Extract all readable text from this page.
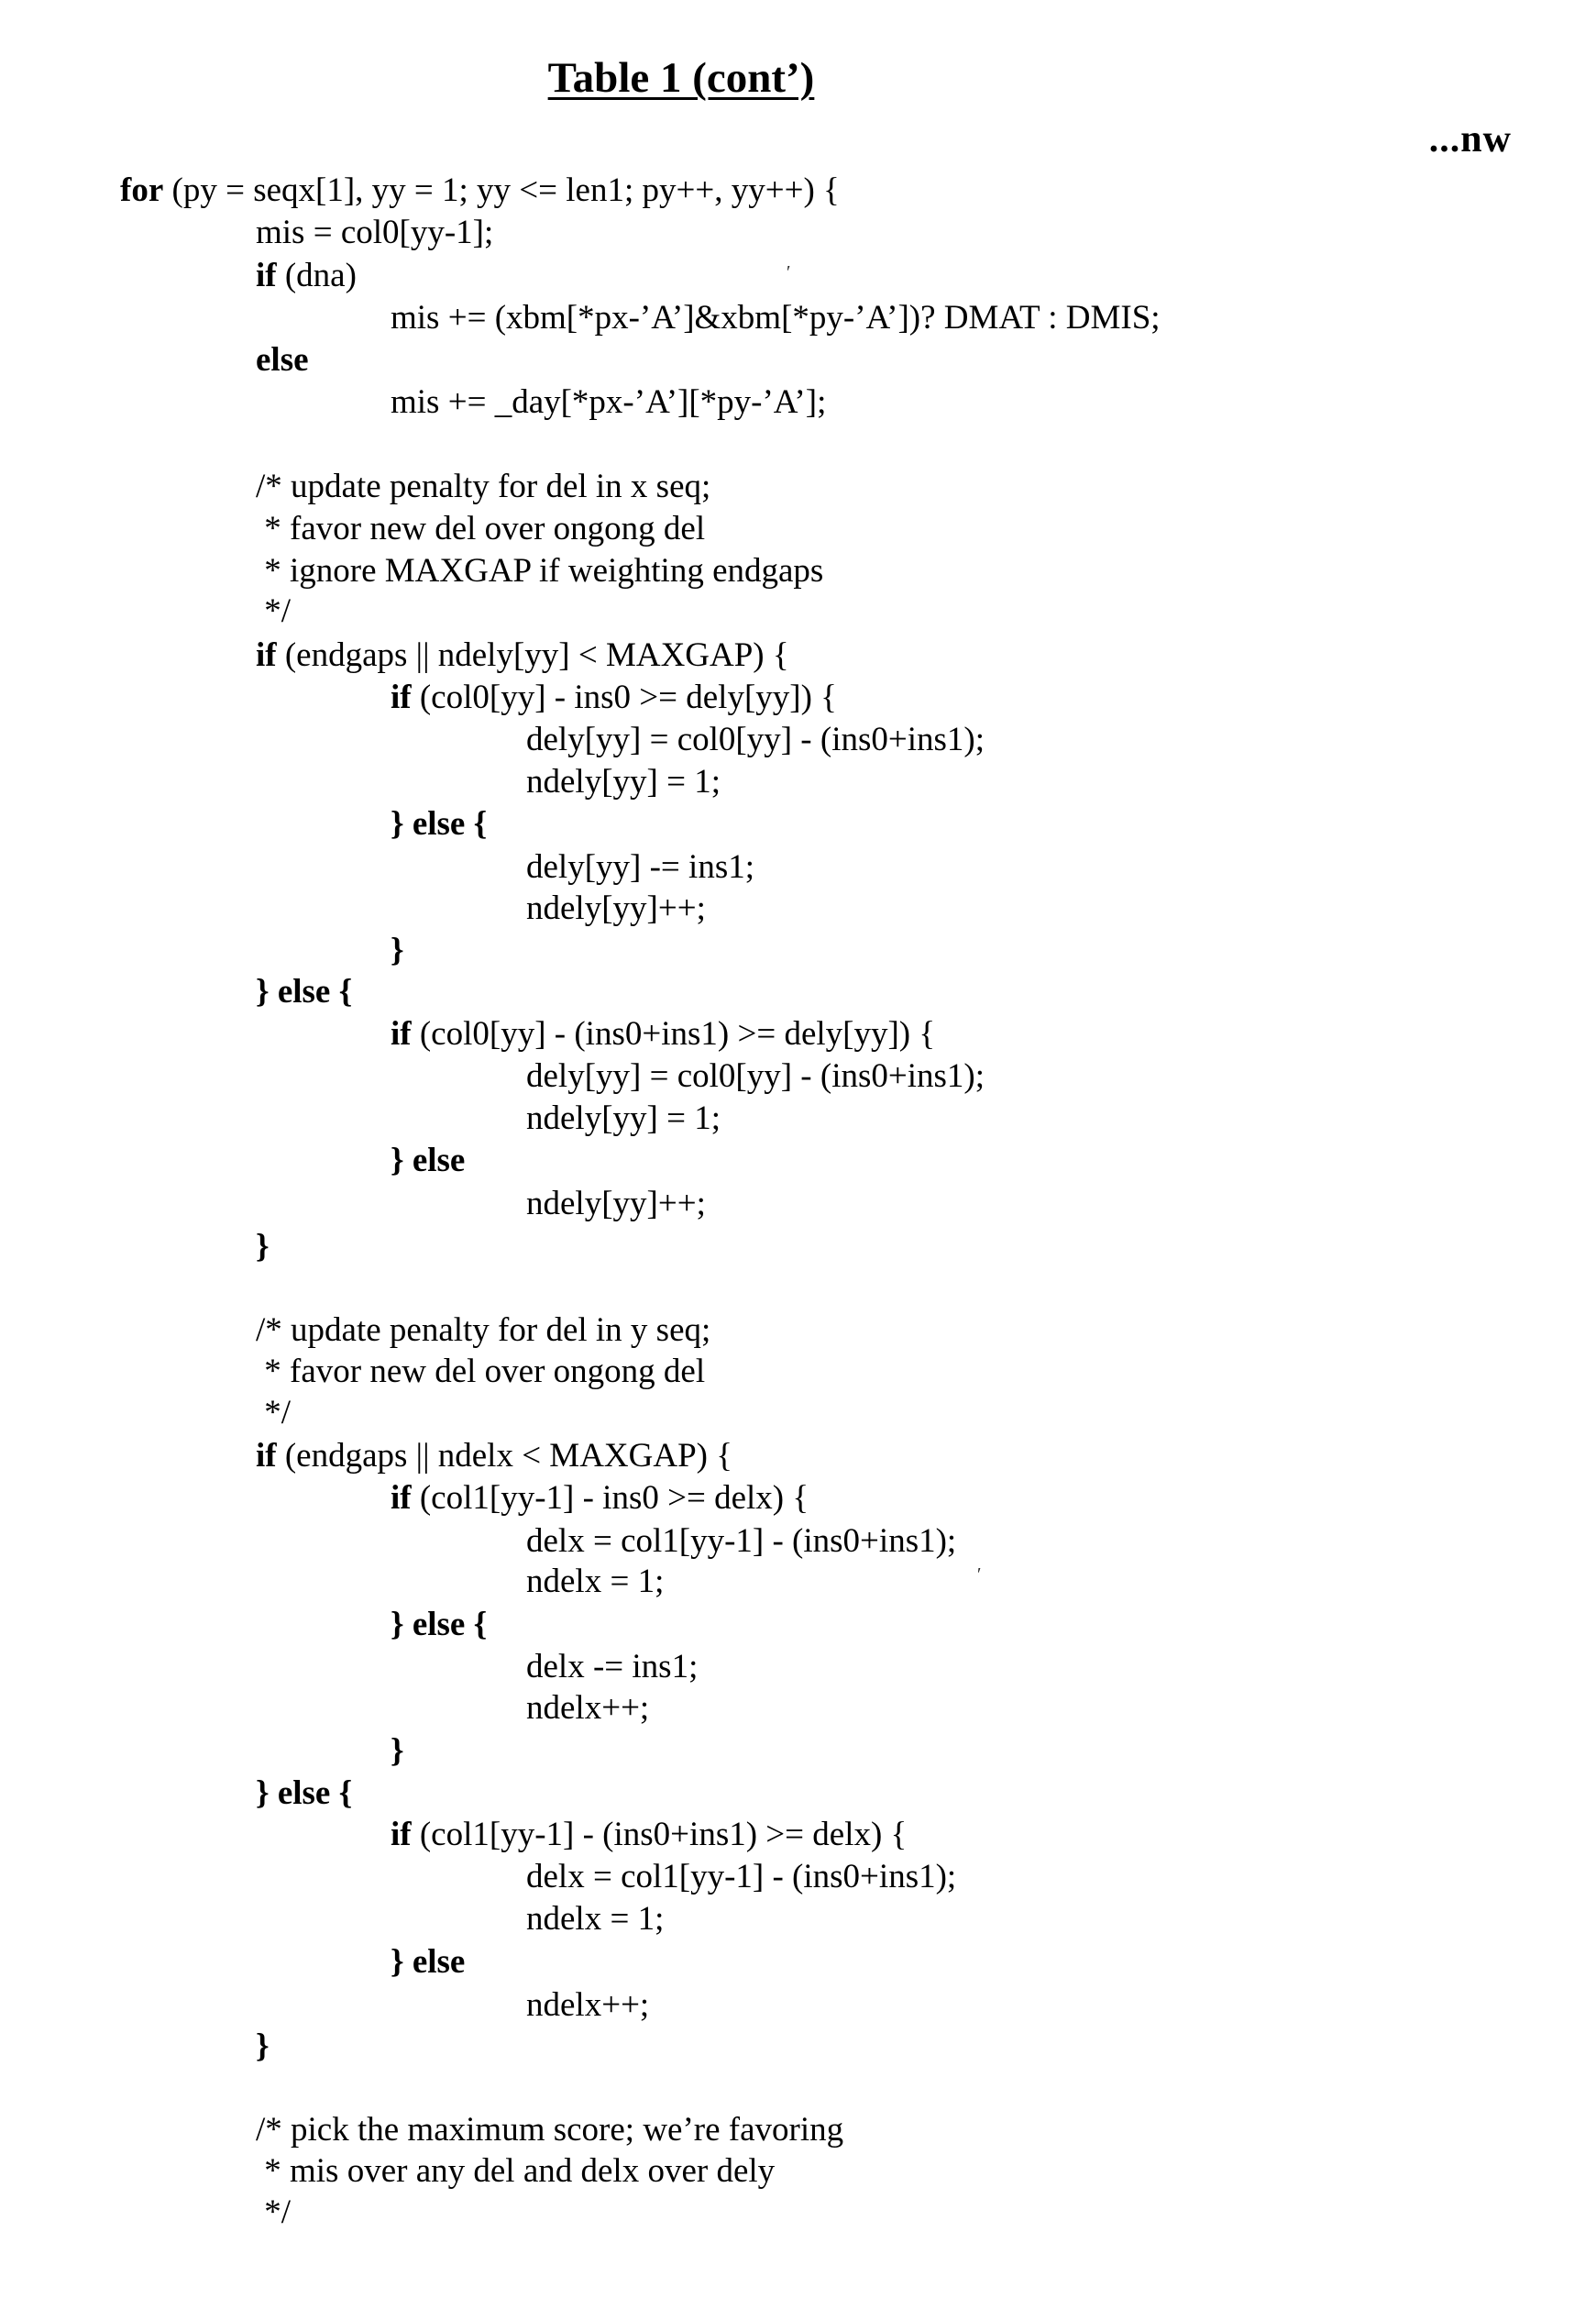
Table 1 (cont’)
...nw
for (py = seqx[1], yy = 1; yy <= len1; py++, yy++) {
mis = col0[yy-1];
if (dna)
mis += (xbm[*px-’A’]&xbm[*py-’A’])? DMAT : DMIS;
else
mis += _day[*px-’A’][*py-’A’];
/* update penalty for del in x seq;
* favor new del over ongong del
* ignore MAXGAP if weighting endgaps
*/
if (endgaps || ndely[yy] < MAXGAP) {
if (col0[yy] - ins0 >= dely[yy]) {
dely[yy] = col0[yy] - (ins0+ins1);
ndely[yy] = 1;
} else {
dely[yy] -= ins1;
ndely[yy]++;
}
} else {
if (col0[yy] - (ins0+ins1) >= dely[yy]) {
dely[yy] = col0[yy] - (ins0+ins1);
ndely[yy] = 1;
} else
ndely[yy]++;
}
/* update penalty for del in y seq;
* favor new del over ongong del
*/
if (endgaps || ndelx < MAXGAP) {
if (col1[yy-1] - ins0 >= delx) {
delx = col1[yy-1] - (ins0+ins1);
ndelx = 1;
} else {
delx -= ins1;
ndelx++;
}
} else {
if (col1[yy-1] - (ins0+ins1) >= delx) {
delx = col1[yy-1] - (ins0+ins1);
ndelx = 1;
} else
ndelx++;
}
/* pick the maximum score; we’re favoring
* mis over any del and delx over dely
*/
′
′
